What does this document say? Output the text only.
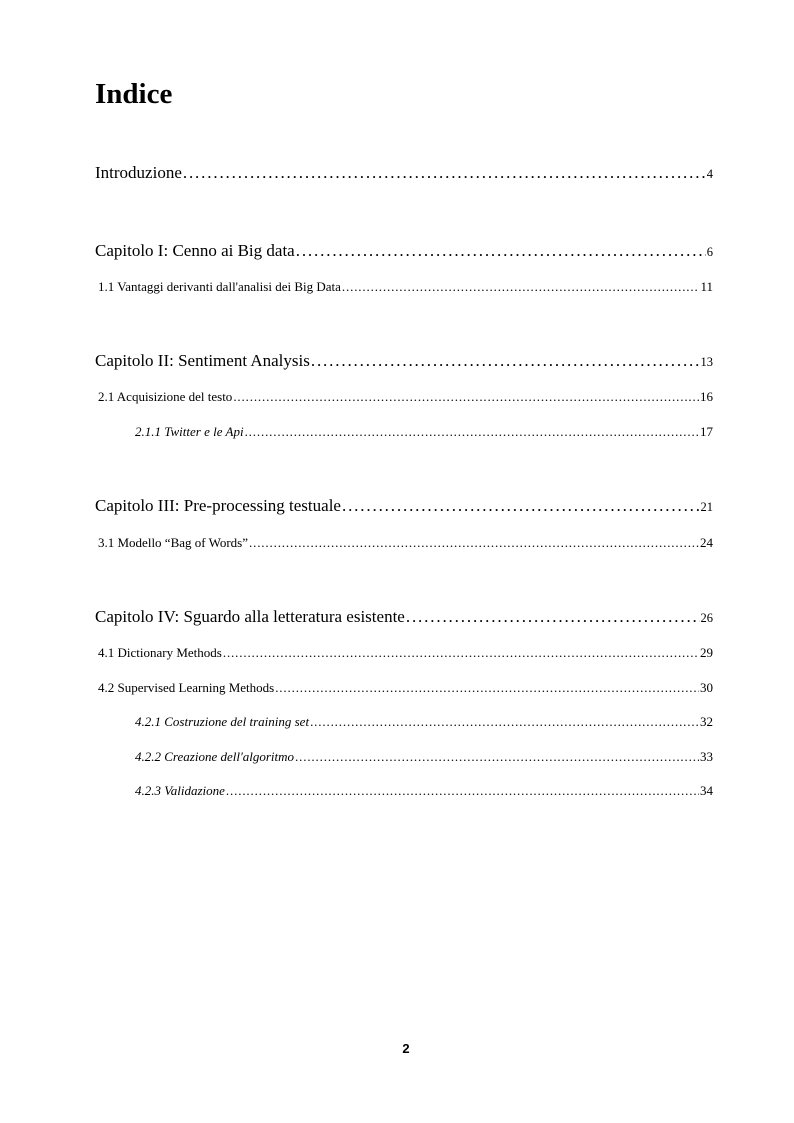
Indice
Introduzione . . .	4
Capitolo I: Cenno ai Big data . . .	6
1.1 Vantaggi derivanti dall'analisi dei Big Data . . .	11
Capitolo II: Sentiment Analysis . . .	13
2.1 Acquisizione del testo . . .	16
2.1.1 Twitter e le Api . . .	17
Capitolo III: Pre-processing testuale . . .	21
3.1 Modello “Bag of Words” . . .	24
Capitolo IV: Sguardo alla letteratura esistente . . .	26
4.1 Dictionary Methods . . .	29
4.2 Supervised Learning Methods . . .	30
4.2.1 Costruzione del training set . . .	32
4.2.2 Creazione dell'algoritmo . . .	33
4.2.3 Validazione . . .	34
2
